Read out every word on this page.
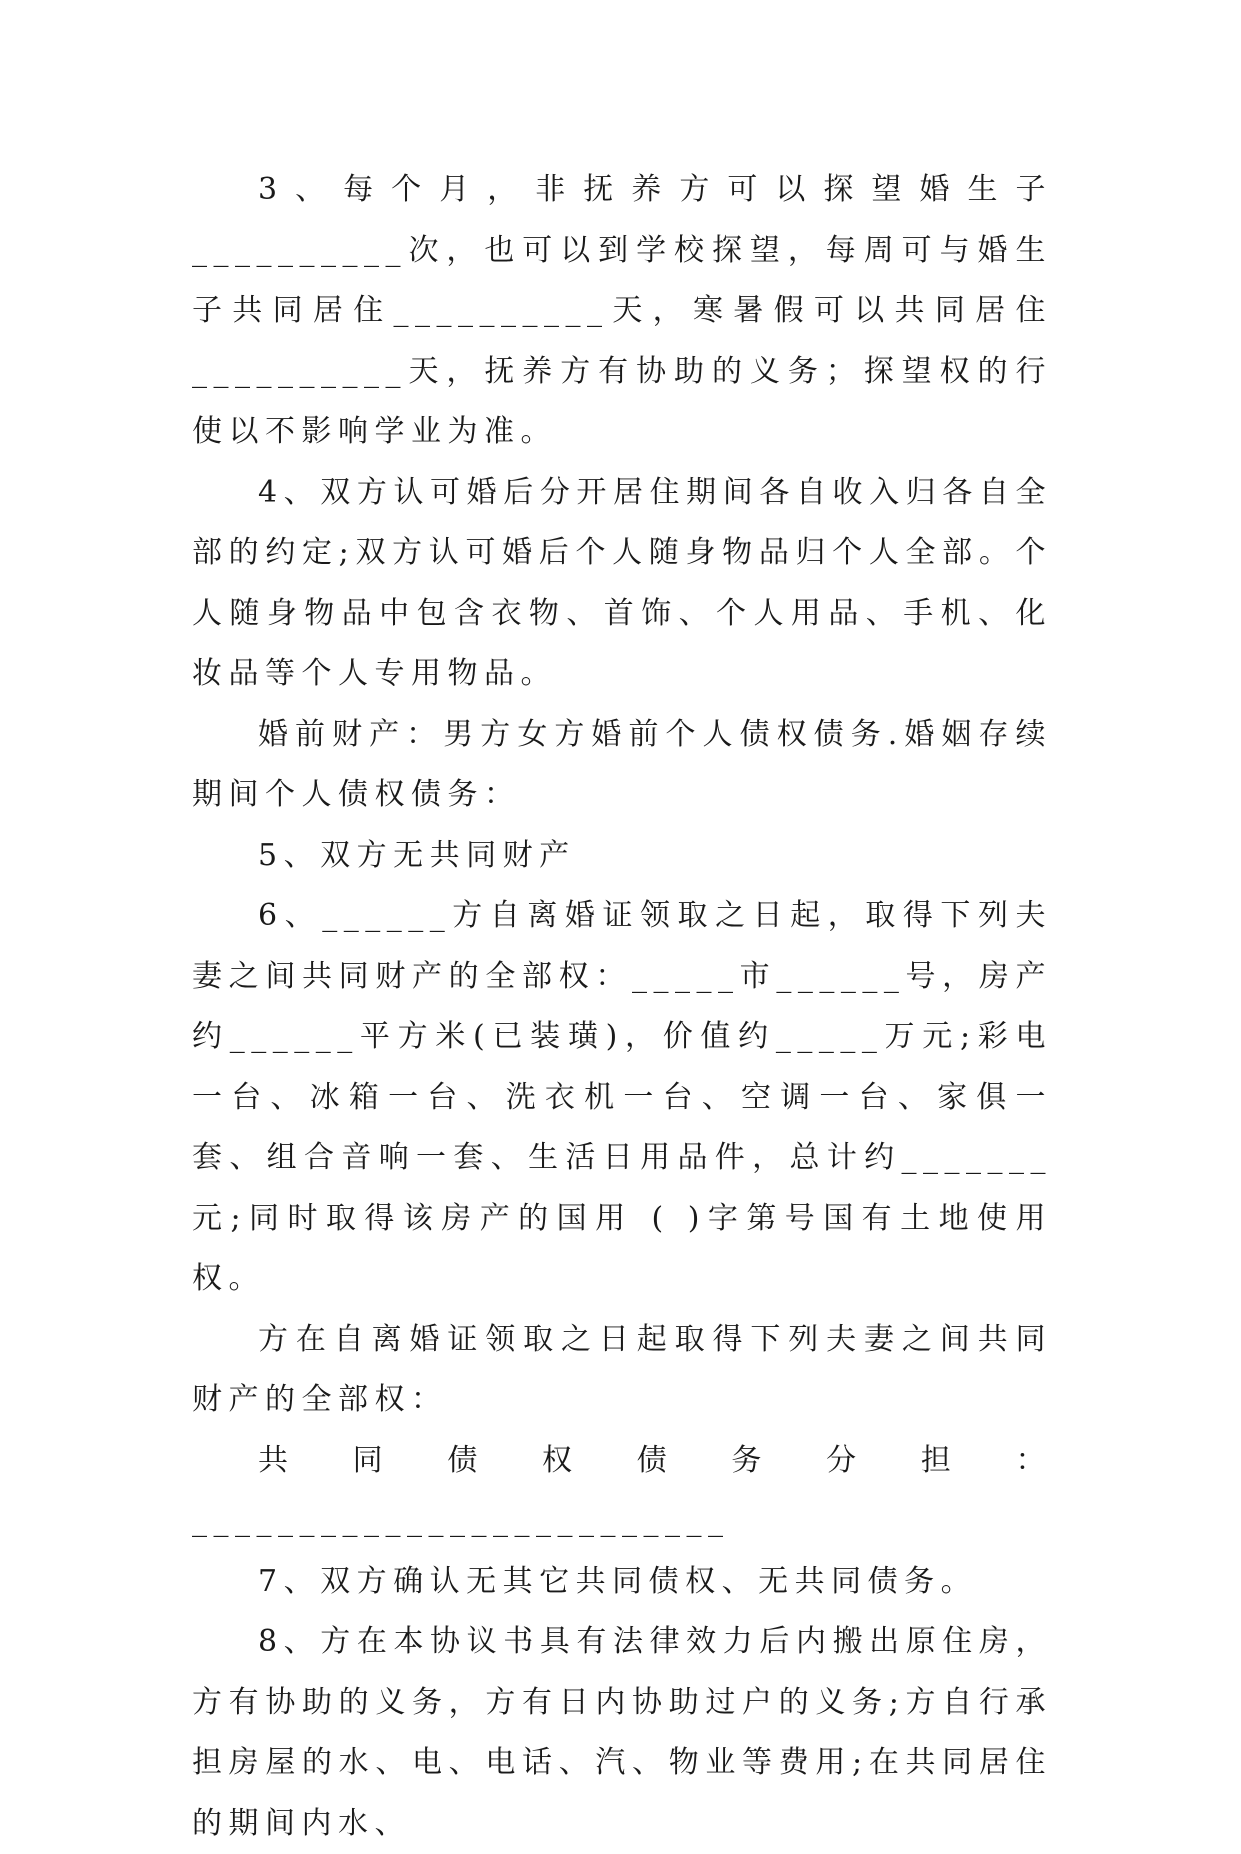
3、每个月，非抚养方可以探望婚生子__________次，也可以到学校探望，每周可与婚生子共同居住__________天，寒暑假可以共同居住__________天，抚养方有协助的义务；探望权的行使以不影响学业为准。

4、双方认可婚后分开居住期间各自收入归各自全部的约定;双方认可婚后个人随身物品归个人全部。个人随身物品中包含衣物、首饰、个人用品、手机、化妆品等个人专用物品。

婚前财产：男方女方婚前个人债权债务.婚姻存续期间个人债权债务：

5、双方无共同财产

6、______方自离婚证领取之日起，取得下列夫妻之间共同财产的全部权：_____市______号，房产约______平方米(已装璜)，价值约_____万元;彩电一台、冰箱一台、洗衣机一台、空调一台、家俱一套、组合音响一套、生活日用品件，总计约_______元;同时取得该房产的国用 ( )字第号国有土地使用权。

方在自离婚证领取之日起取得下列夫妻之间共同财产的全部权：

共同债权债务分担：_________________________

7、双方确认无其它共同债权、无共同债务。

8、方在本协议书具有法律效力后内搬出原住房，方有协助的义务，方有日内协助过户的义务;方自行承担房屋的水、电、电话、汽、物业等费用;在共同居住的期间内水、
